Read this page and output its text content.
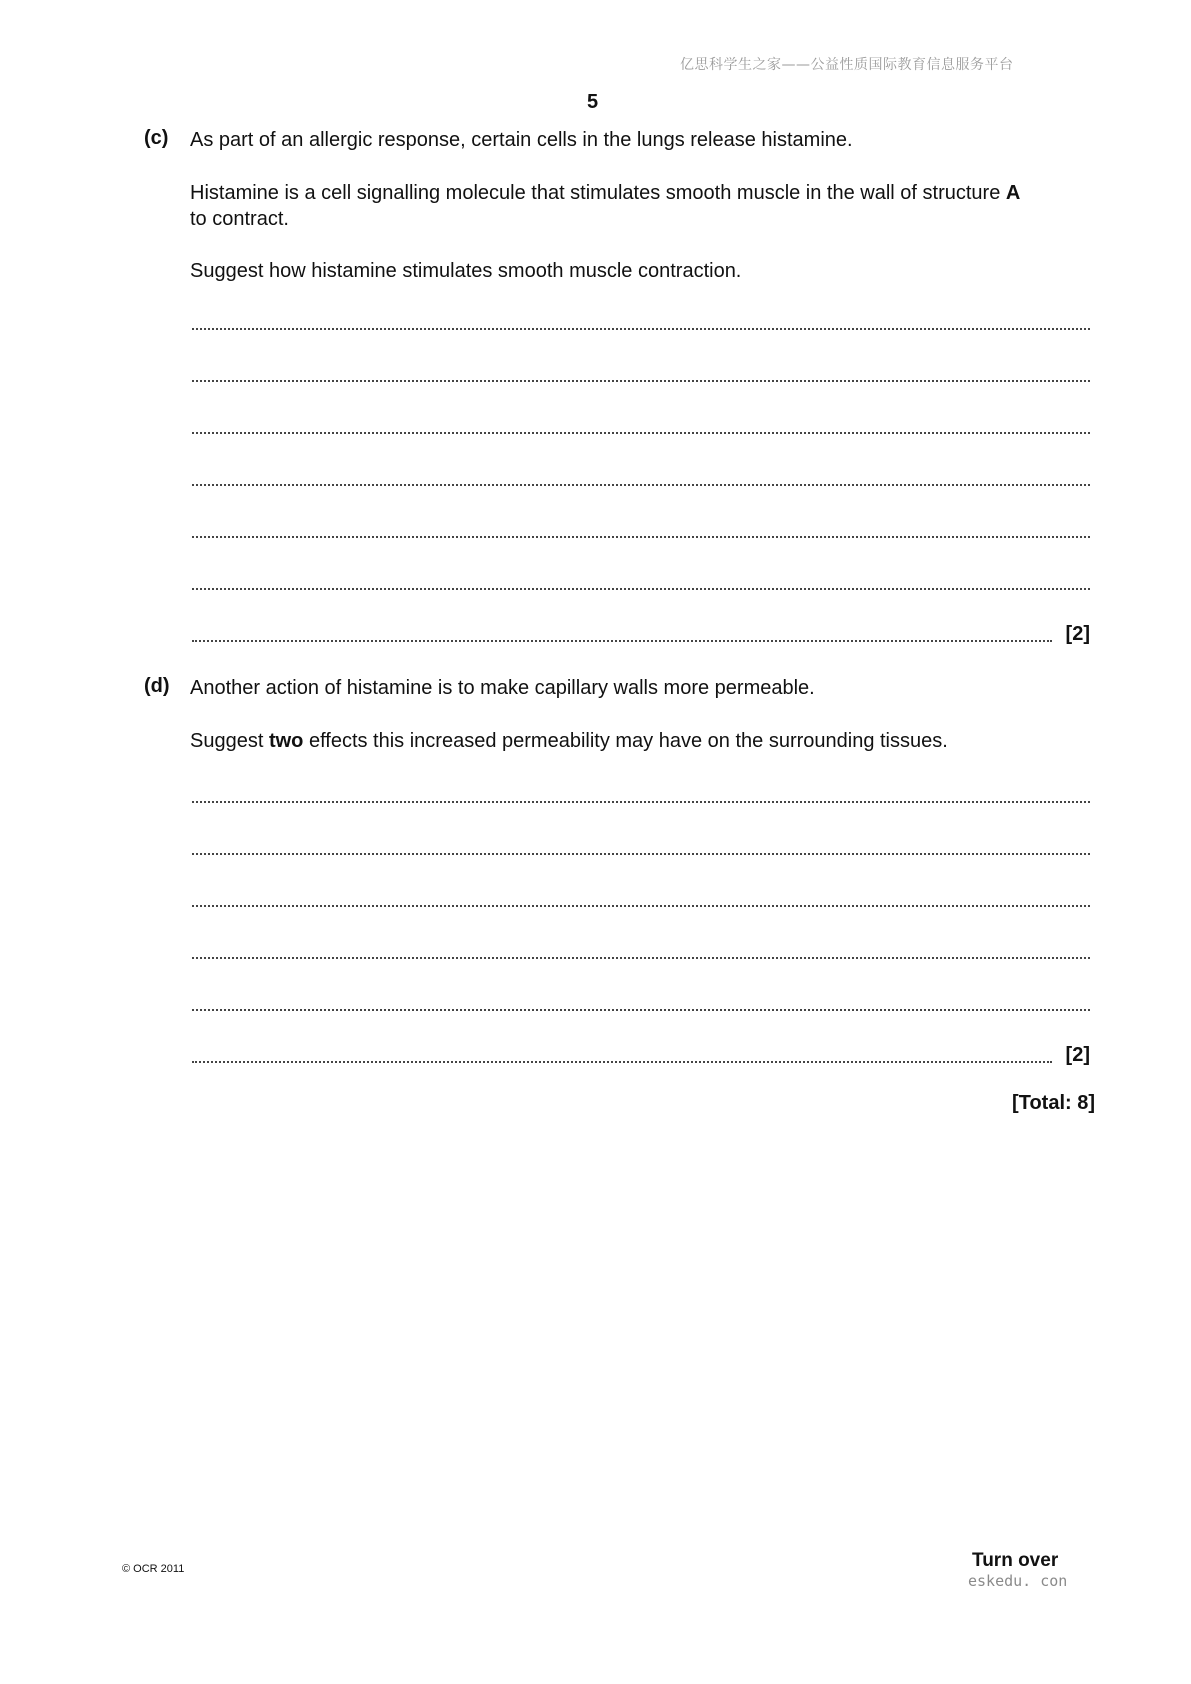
亿思科学生之家——公益性质国际教育信息服务平台
5
(c) As part of an allergic response, certain cells in the lungs release histamine.
Histamine is a cell signalling molecule that stimulates smooth muscle in the wall of structure A
to contract.
Suggest how histamine stimulates smooth muscle contraction.
[2]
(d) Another action of histamine is to make capillary walls more permeable.
Suggest two effects this increased permeability may have on the surrounding tissues.
[2]
[Total: 8]
© OCR 2011	Turn over
eskedu. con
